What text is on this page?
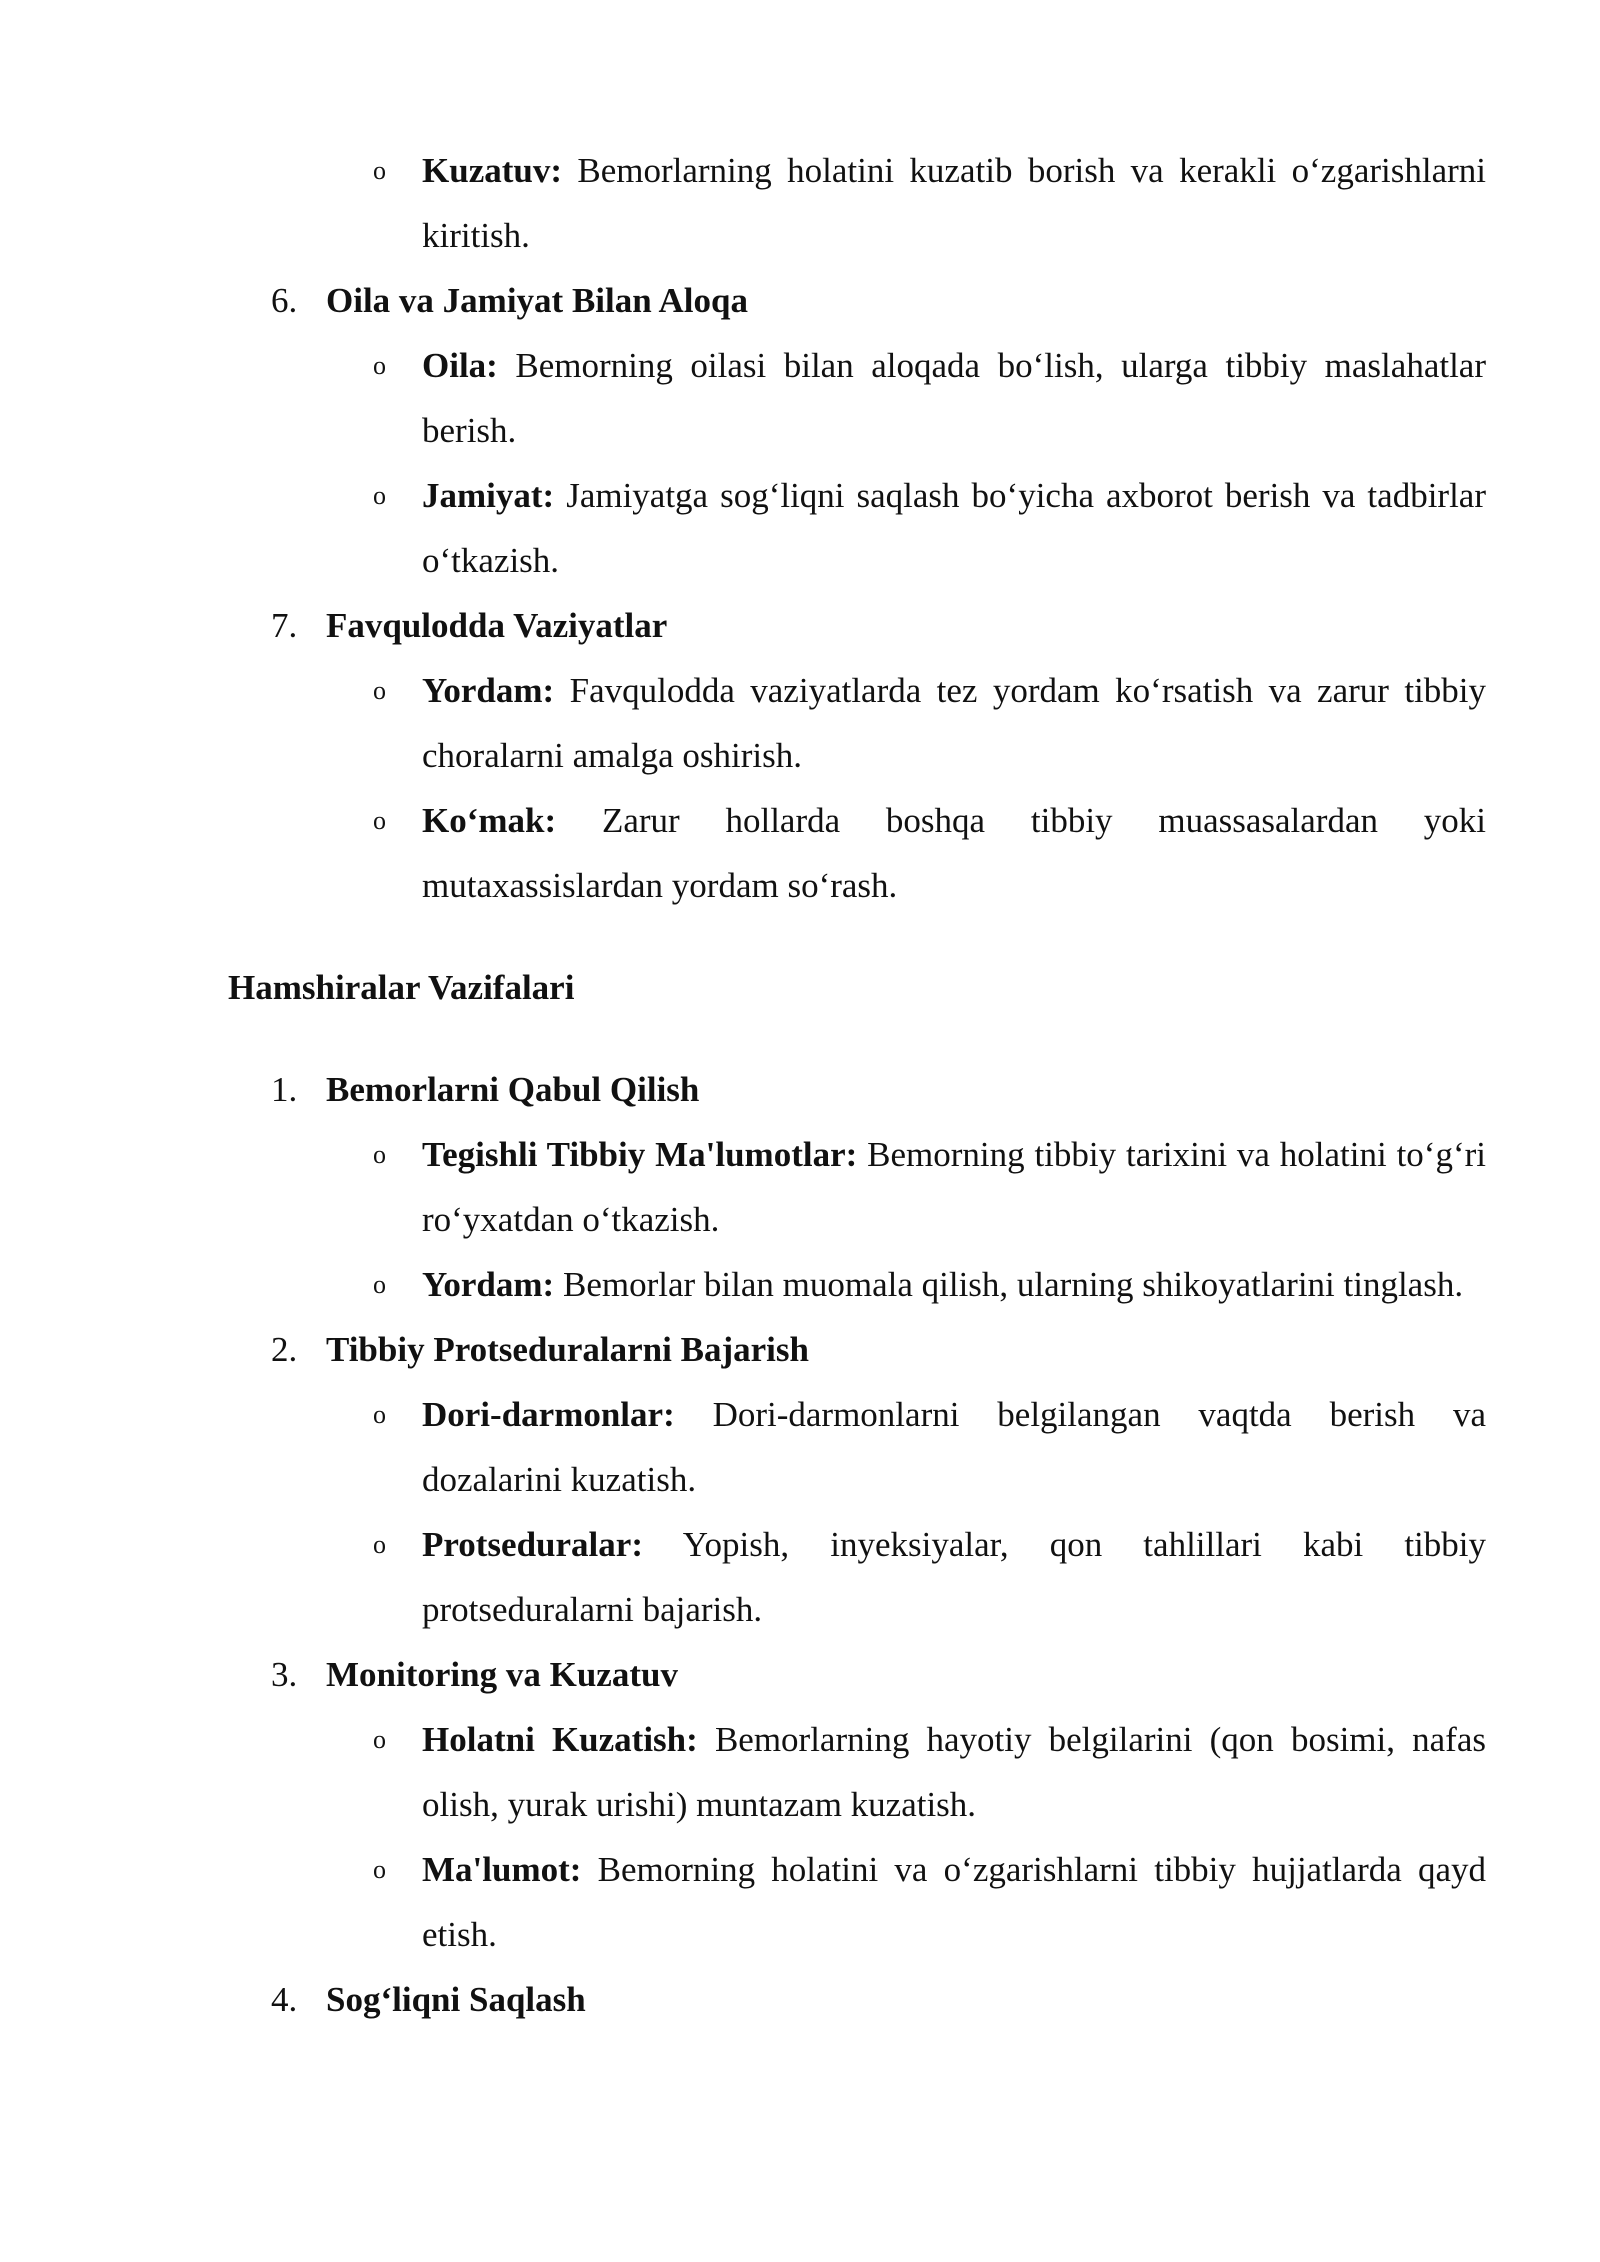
o Kuzatuv: Bemorlarning holatini kuzatib borish va kerakli o‘zgarishlarni kiritish.
6. Oila va Jamiyat Bilan Aloqa
o Oila: Bemorning oilasi bilan aloqada bo‘lish, ularga tibbiy maslahatlar berish.
o Jamiyat: Jamiyatga sog‘liqni saqlash bo‘yicha axborot berish va tadbirlar o‘tkazish.
7. Favqulodda Vaziyatlar
o Yordam: Favqulodda vaziyatlarda tez yordam ko‘rsatish va zarur tibbiy choralarni amalga oshirish.
o Ko‘mak: Zarur hollarda boshqa tibbiy muassasalardan yoki mutaxassislardan yordam so‘rash.
Hamshiralar Vazifalari
1. Bemorlarni Qabul Qilish
o Tegishli Tibbiy Ma'lumotlar: Bemorning tibbiy tarixini va holatini to‘g‘ri ro‘yxatdan o‘tkazish.
o Yordam: Bemorlar bilan muomala qilish, ularning shikoyatlarini tinglash.
2. Tibbiy Protseduralarni Bajarish
o Dori-darmonlar: Dori-darmonlarni belgilangan vaqtda berish va dozalarini kuzatish.
o Protseduralar: Yopish, inyeksiyalar, qon tahlillari kabi tibbiy protseduralarni bajarish.
3. Monitoring va Kuzatuv
o Holatni Kuzatish: Bemorlarning hayotiy belgilarini (qon bosimi, nafas olish, yurak urishi) muntazam kuzatish.
o Ma'lumot: Bemorning holatini va o‘zgarishlarni tibbiy hujjatlarda qayd etish.
4. Sog‘liqni Saqlash
